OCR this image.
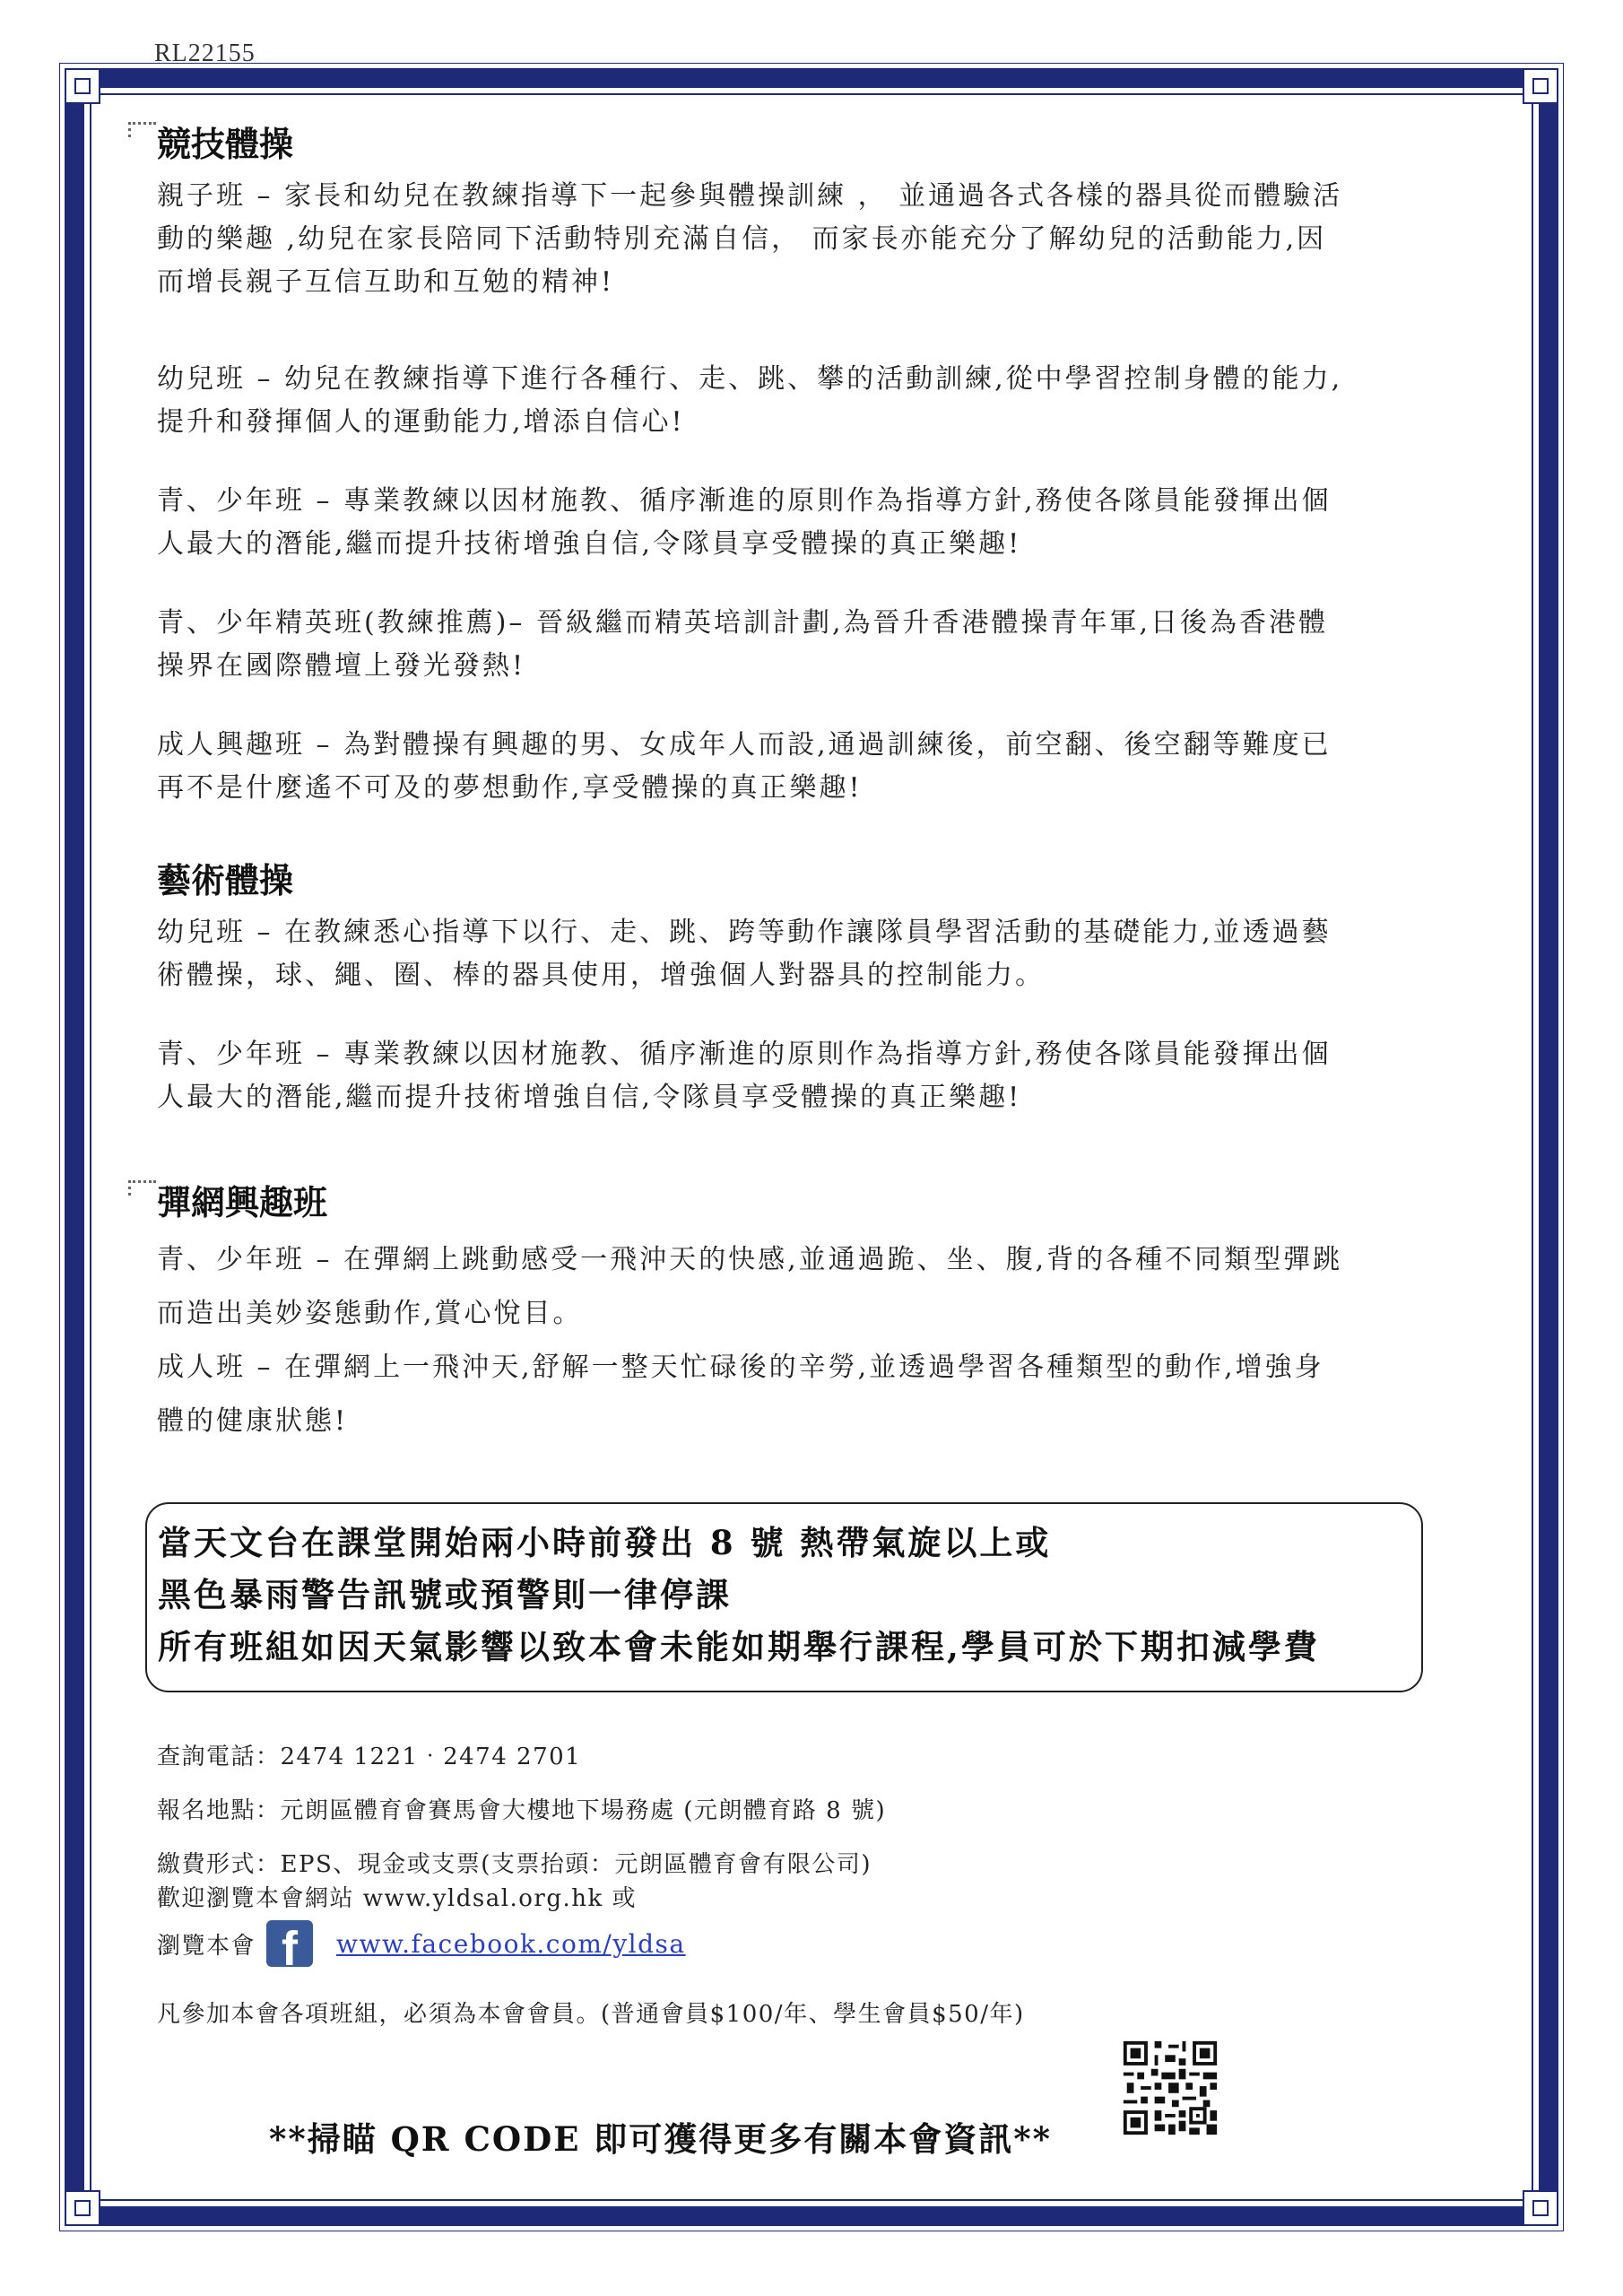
RL22155
競技體操

親子班 – 家長和幼兒在教練指導下一起參與體操訓練 ， 並通過各式各樣的器具從而體驗活
動的樂趣 ,幼兒在家長陪同下活動特別充滿自信， 而家長亦能充分了解幼兒的活動能力,因
而增長親子互信互助和互勉的精神!

幼兒班 – 幼兒在教練指導下進行各種行、走、跳、攀的活動訓練,從中學習控制身體的能力,
提升和發揮個人的運動能力,增添自信心!

青、少年班 – 專業教練以因材施教、循序漸進的原則作為指導方針,務使各隊員能發揮出個
人最大的潛能,繼而提升技術增強自信,令隊員享受體操的真正樂趣!

青、少年精英班(教練推薦)– 晉級繼而精英培訓計劃,為晉升香港體操青年軍,日後為香港體
操界在國際體壇上發光發熱!

成人興趣班 – 為對體操有興趣的男、女成年人而設,通過訓練後，前空翻、後空翻等難度已
再不是什麼遙不可及的夢想動作,享受體操的真正樂趣!

藝術體操

幼兒班 – 在教練悉心指導下以行、走、跳、跨等動作讓隊員學習活動的基礎能力,並透過藝
術體操，球、繩、圈、棒的器具使用，增強個人對器具的控制能力。

青、少年班 – 專業教練以因材施教、循序漸進的原則作為指導方針,務使各隊員能發揮出個
人最大的潛能,繼而提升技術增強自信,令隊員享受體操的真正樂趣!

彈網興趣班

青、少年班 – 在彈網上跳動感受一飛沖天的快感,並通過跪、坐、腹,背的各種不同類型彈跳
而造出美妙姿態動作,賞心悅目。

成人班 – 在彈網上一飛沖天,舒解一整天忙碌後的辛勞,並透過學習各種類型的動作,增強身
體的健康狀態!

當天文台在課堂開始兩小時前發出 8 號 熱帶氣旋以上或
黑色暴雨警告訊號或預警則一律停課
所有班組如因天氣影響以致本會未能如期舉行課程,學員可於下期扣減學費
查詢電話：2474 1221‧2474 2701
報名地點：元朗區體育會賽馬會大樓地下場務處 (元朗體育路 8 號)
繳費形式：EPS、現金或支票(支票抬頭：元朗區體育會有限公司)
歡迎瀏覽本會網站 www.yldsal.org.hk 或
瀏覽本會 f www.facebook.com/yldsa
凡參加本會各項班組，必須為本會會員。(普通會員$100/年、學生會員$50/年)
**掃瞄 QR CODE 即可獲得更多有關本會資訊**
